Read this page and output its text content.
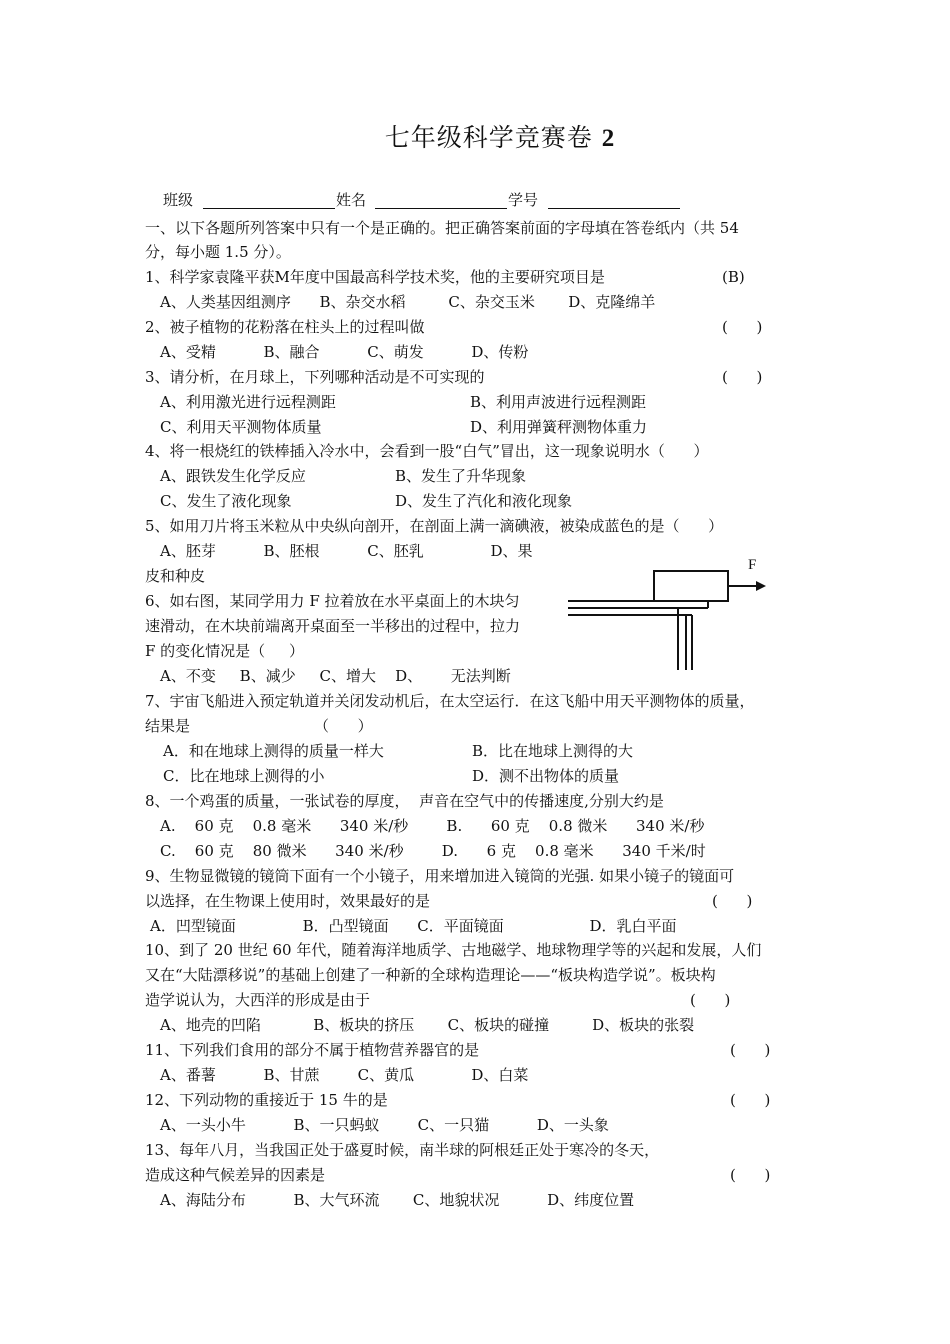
七年级科学竞赛卷 2
班级	姓名	学号
一、以下各题所列答案中只有一个是正确的。把正确答案前面的字母填在答卷纸内（共 54
分，每小题 1.5 分）。
1、科学家袁隆平获M年度中国最高科学技术奖，他的主要研究项目是	(B)
A、人类基因组测序      B、杂交水稻         C、杂交玉米       D、克隆绵羊
2、被子植物的花粉落在柱头上的过程叫做	(      )
A、受精          B、融合          C、萌发          D、传粉
3、请分析，在月球上，下列哪种活动是不可实现的	(      )
A、利用激光进行远程测距	B、利用声波进行远程测距
C、利用天平测物体质量	D、利用弹簧秤测物体重力
4、将一根烧红的铁棒插入冷水中，会看到一股“白气”冒出，这一现象说明水（      ）
A、跟铁发生化学反应	B、发生了升华现象
C、发生了液化现象	D、发生了汽化和液化现象
5、如用刀片将玉米粒从中央纵向剖开，在剖面上满一滴碘液，被染成蓝色的是（      ）
A、胚芽          B、胚根          C、胚乳              D、果
皮和种皮
6、如右图，某同学用力 F 拉着放在水平桌面上的木块匀
速滑动，在木块前端离开桌面至一半移出的过程中，拉力
F 的变化情况是（     ）
A、不变     B、减少     C、增大    D、      无法判断
F
7、宇宙飞船进入预定轨道并关闭发动机后，在太空运行．在这飞船中用天平测物体的质量，
结果是                          （      ）
A．和在地球上测得的质量一样大	B．比在地球上测得的大
C．比在地球上测得的小	D．测不出物体的质量
8、一个鸡蛋的质量，一张试卷的厚度，  声音在空气中的传播速度,分别大约是
A.    60 克    0.8 毫米      340 米/秒        B.      60 克    0.8 微米      340 米/秒
C.    60 克    80 微米      340 米/秒        D.      6 克    0.8 毫米      340 千米/时
9、生物显微镜的镜筒下面有一个小镜子，用来增加进入镜筒的光强. 如果小镜子的镜面可
以选择，在生物课上使用时，效果最好的是	(      )
A．凹型镜面              B．凸型镜面      C．平面镜面                  D．乳白平面
10、到了 20 世纪 60 年代，随着海洋地质学、古地磁学、地球物理学等的兴起和发展，人们
又在“大陆漂移说”的基础上创建了一种新的全球构造理论——“板块构造学说”。板块构
造学说认为，大西洋的形成是由于	(      )
A、地壳的凹陷           B、板块的挤压       C、板块的碰撞         D、板块的张裂
11、下列我们食用的部分不属于植物营养器官的是	(      )
A、番薯          B、甘蔗        C、黄瓜            D、白菜
12、下列动物的重接近于 15 牛的是	(      )
A、一头小牛          B、一只蚂蚁        C、一只猫          D、一头象
13、每年八月，当我国正处于盛夏时候，南半球的阿根廷正处于寒冷的冬天，
造成这种气候差异的因素是	(      )
A、海陆分布          B、大气环流       C、地貌状况          D、纬度位置
